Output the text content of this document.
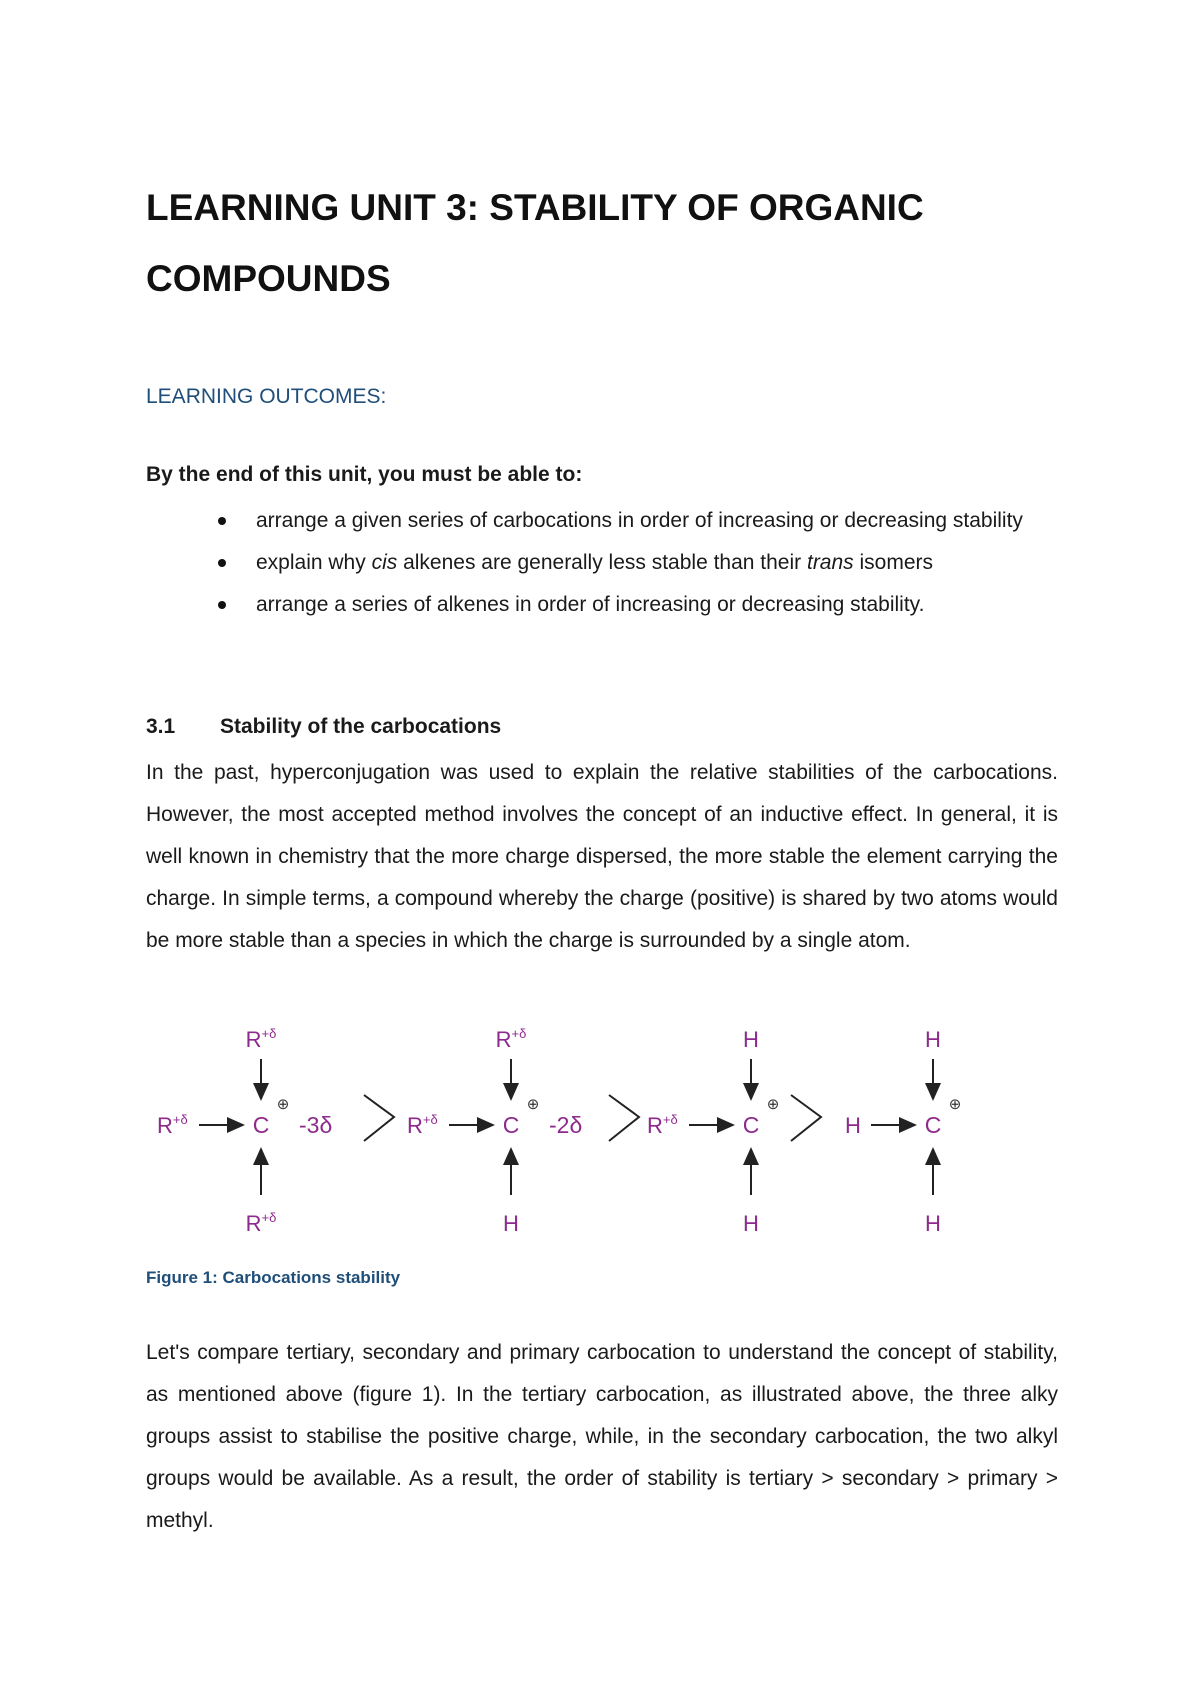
LEARNING UNIT 3: STABILITY OF ORGANIC COMPOUNDS

LEARNING OUTCOMES:

By the end of this unit, you must be able to:

arrange a given series of carbocations in order of increasing or decreasing stability
explain why cis alkenes are generally less stable than their trans isomers
arrange a series of alkenes in order of increasing or decreasing stability.
3.1 Stability of the carbocations

In the past, hyperconjugation was used to explain the relative stabilities of the carbocations. However, the most accepted method involves the concept of an inductive effect. In general, it is well known in chemistry that the more charge dispersed, the more stable the element carrying the charge. In simple terms, a compound whereby the charge (positive) is shared by two atoms would be more stable than a species in which the charge is surrounded by a single atom.

C
⊕
-3δ
$R^{+\delta}$
$R^{+\delta}$
$R^{+\delta}$	C
⊕
-2δ
$R^{+\delta}$
H
$R^{+\delta}$	C
⊕
H
H
$R^{+\delta}$	C
⊕
H
H
H

Figure 1: Carbocations stability

Let's compare tertiary, secondary and primary carbocation to understand the concept of stability, as mentioned above (figure 1). In the tertiary carbocation, as illustrated above, the three alky groups assist to stabilise the positive charge, while, in the secondary carbocation, the two alkyl groups would be available. As a result, the order of stability is tertiary > secondary > primary > methyl.
